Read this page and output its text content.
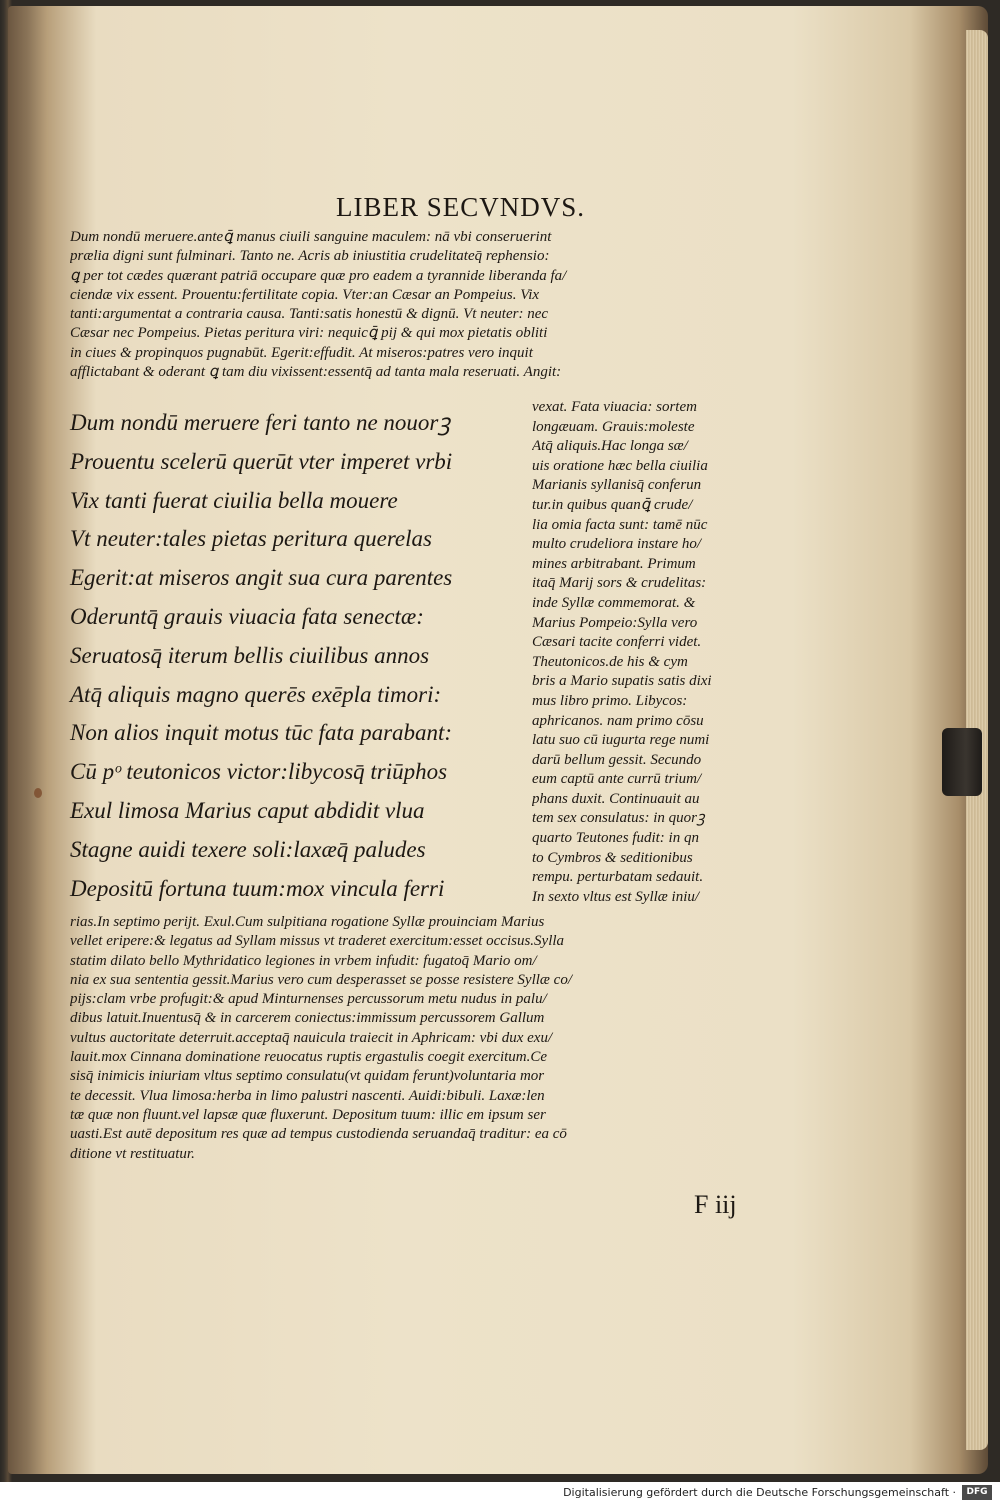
LIBER SECVNDVS.
Dum nondū meruere.anteꝗ̄ manus ciuili sanguine maculem: nā vbi conseruerint
prælia digni sunt fulminari. Tanto ne. Acris ab iniustitia crudelitateq̄ rephensio:
ꝗ per tot cædes quærant patriā occupare quæ pro eadem a tyrannide liberanda fa/
ciendæ vix essent. Prouentu:fertilitate copia. Vter:an Cæsar an Pompeius. Vix
tanti:argumentat a contraria causa. Tanti:satis honestū & dignū. Vt neuter: nec
Cæsar nec Pompeius. Pietas peritura viri: nequicꝗ̄ pij & qui mox pietatis obliti
in ciues & propinquos pugnabūt. Egerit:effudit. At miseros:patres vero inquit
afflictabant & oderant ꝗ tam diu vixissent:essentq̄ ad tanta mala reseruati. Angit:
Dum nondū meruere feri tanto ne nouorꝫ
Prouentu scelerū querūt vter imperet vrbi
Vix tanti fuerat ciuilia bella mouere
Vt neuter:tales pietas peritura querelas
Egerit:at miseros angit sua cura parentes
Oderuntq̄ grauis viuacia fata senectæ:
Seruatosq̄ iterum bellis ciuilibus annos
Atq̄ aliquis magno querēs exēpla timori:
Non alios inquit motus tūc fata parabant:
Cū pᵒ teutonicos victor:libycosq̄ triūphos
Exul limosa Marius caput abdidit vlua
Stagne auidi texere soli:laxæq̄ paludes
Depositū fortuna tuum:mox vincula ferri
vexat. Fata viuacia: sortem
longæuam. Grauis:moleste
Atq̄ aliquis.Hac longa sæ/
uis oratione hæc bella ciuilia
Marianis syllanisq̄ conferun
tur.in quibus quanꝗ̄ crude/
lia omia facta sunt: tamē nūc
multo crudeliora instare ho/
mines arbitrabant. Primum
itaq̄ Marij sors & crudelitas:
inde Syllæ commemorat. &
Marius Pompeio:Sylla vero
Cæsari tacite conferri videt.
Theutonicos.de his & cym
bris a Mario supatis satis dixi
mus libro primo. Libycos:
aphricanos. nam primo cōsu
latu suo cū iugurta rege numi
darū bellum gessit. Secundo
eum captū ante currū trium/
phans duxit. Continuauit au
tem sex consulatus: in quorꝫ
quarto Teutones fudit: in qn
to Cymbros & seditionibus
rempu. perturbatam sedauit.
In sexto vltus est Syllæ iniu/
rias.In septimo perijt. Exul.Cum sulpitiana rogatione Syllæ prouinciam Marius
vellet eripere:& legatus ad Syllam missus vt traderet exercitum:esset occisus.Sylla
statim dilato bello Mythridatico legiones in vrbem infudit: fugatoq̄ Mario om/
nia ex sua sententia gessit.Marius vero cum desperasset se posse resistere Syllæ co/
pijs:clam vrbe profugit:& apud Minturnenses percussorum metu nudus in palu/
dibus latuit.Inuentusq̄ & in carcerem coniectus:immissum percussorem Gallum
vultus auctoritate deterruit.acceptaq̄ nauicula traiecit in Aphricam: vbi dux exu/
lauit.mox Cinnana dominatione reuocatus ruptis ergastulis coegit exercitum.Ce
sisq̄ inimicis iniuriam vltus septimo consulatu(vt quidam ferunt)voluntaria mor
te decessit. Vlua limosa:herba in limo palustri nascenti. Auidi:bibuli. Laxæ:len
tæ quæ non fluunt.vel lapsæ quæ fluxerunt. Depositum tuum: illic em ipsum ser
uasti.Est autē depositum res quæ ad tempus custodienda seruandaq̄ traditur: ea cō
ditione vt restituatur.
F iij
Digitalisierung gefördert durch die Deutsche Forschungsgemeinschaft ·	DFG
